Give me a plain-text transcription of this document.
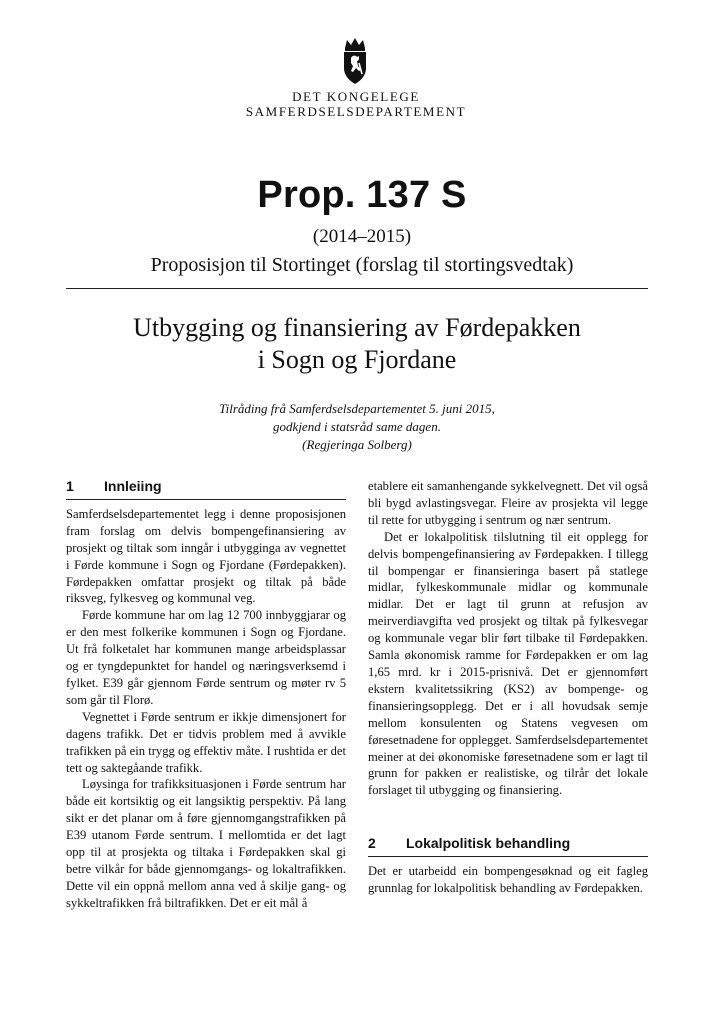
DET KONGELEGE
SAMFERDSELSDEPARTEMENT
Prop. 137 S
(2014–2015)
Proposisjon til Stortinget (forslag til stortingsvedtak)
Utbygging og finansiering av Førdepakken
i Sogn og Fjordane
Tilråding frå Samferdselsdepartementet 5. juni 2015,
godkjend i statsråd same dagen.
(Regjeringa Solberg)
1	Innleiing

Samferdselsdepartementet legg i denne proposisjonen fram forslag om delvis bompengefinansiering av prosjekt og tiltak som inngår i utbygginga av vegnettet i Førde kommune i Sogn og Fjordane (Førdepakken). Førdepakken omfattar prosjekt og tiltak på både riksveg, fylkesveg og kommunal veg.

Førde kommune har om lag 12 700 innbyggjarar og er den mest folkerike kommunen i Sogn og Fjordane. Ut frå folketalet har kommunen mange arbeidsplassar og er tyngdepunktet for handel og næringsverksemd i fylket. E39 går gjennom Førde sentrum og møter rv 5 som går til Florø.

Vegnettet i Førde sentrum er ikkje dimensjonert for dagens trafikk. Det er tidvis problem med å avvikle trafikken på ein trygg og effektiv måte. I rushtida er det tett og saktegåande trafikk.

Løysinga for trafikksituasjonen i Førde sentrum har både eit kortsiktig og eit langsiktig perspektiv. På lang sikt er det planar om å føre gjennomgangstrafikken på E39 utanom Førde sentrum. I mellomtida er det lagt opp til at prosjekta og tiltaka i Førdepakken skal gi betre vilkår for både gjennomgangs- og lokaltrafikken. Dette vil ein oppnå mellom anna ved å skilje gang- og sykkeltrafikken frå biltrafikken. Det er eit mål å

etablere eit samanhengande sykkelvegnett. Det vil også bli bygd avlastingsvegar. Fleire av prosjekta vil legge til rette for utbygging i sentrum og nær sentrum.

Det er lokalpolitisk tilslutning til eit opplegg for delvis bompengefinansiering av Førdepakken. I tillegg til bompengar er finansieringa basert på statlege midlar, fylkeskommunale midlar og kommunale midlar. Det er lagt til grunn at refusjon av meirverdiavgifta ved prosjekt og tiltak på fylkesvegar og kommunale vegar blir ført tilbake til Førdepakken. Samla økonomisk ramme for Førdepakken er om lag 1,65 mrd. kr i 2015-prisnivå. Det er gjennomført ekstern kvalitetssikring (KS2) av bompenge- og finansieringsopplegg. Det er i all hovudsak semje mellom konsulenten og Statens vegvesen om føresetnadene for opplegget. Samferdselsdepartementet meiner at dei økonomiske føresetnadene som er lagt til grunn for pakken er realistiske, og tilrår det lokale forslaget til utbygging og finansiering.

2	Lokalpolitisk behandling

Det er utarbeidd ein bompengesøknad og eit fagleg grunnlag for lokalpolitisk behandling av Førdepakken.
